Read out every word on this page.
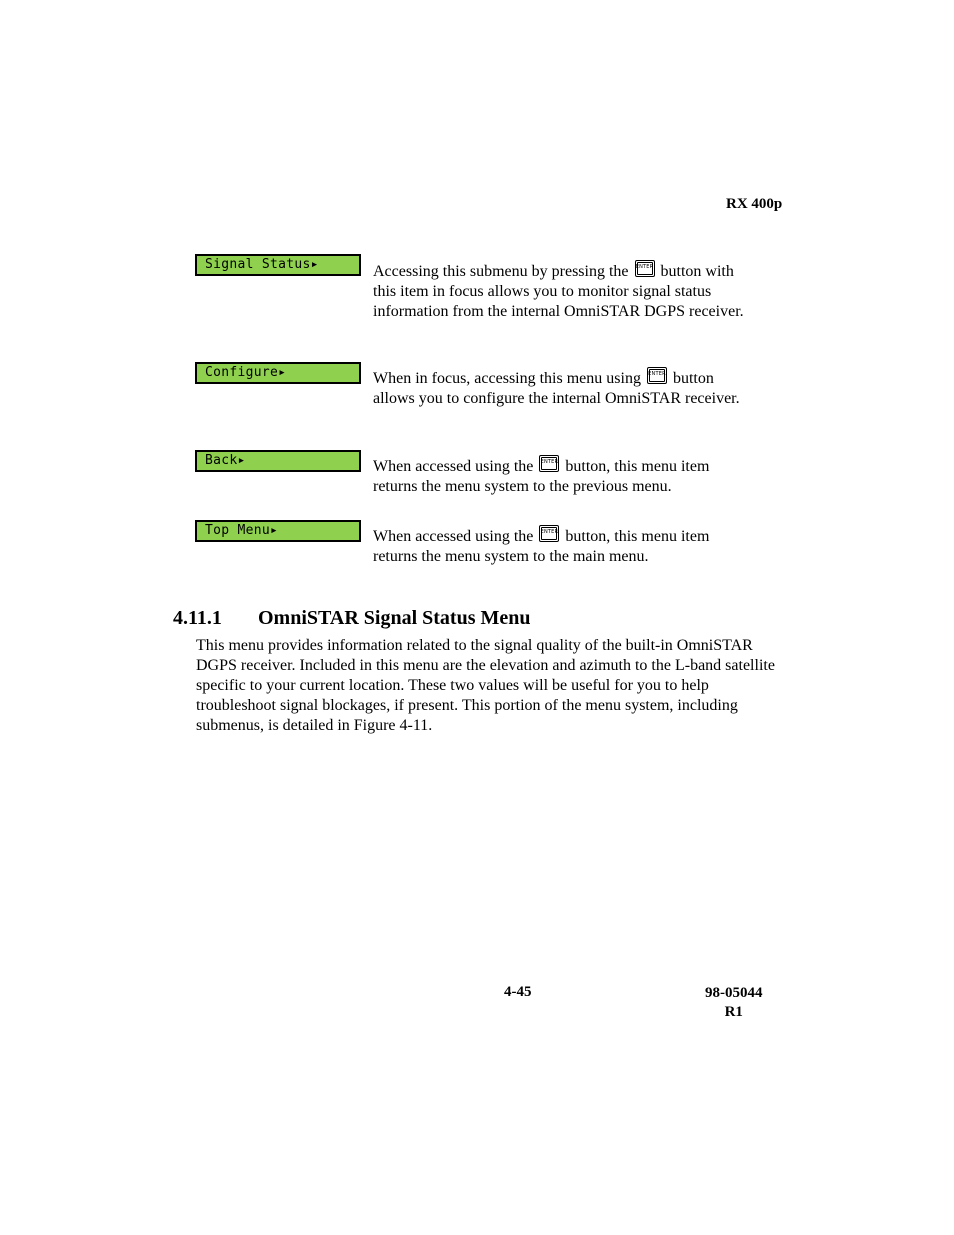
RX 400p
Signal Status▸	Accessing this submenu by pressing the ENTER button with this item in focus allows you to monitor signal status information from the internal OmniSTAR DGPS receiver.
Configure▸	When in focus, accessing this menu using ENTER button allows you to configure the internal OmniSTAR receiver.
Back▸	When accessed using the ENTER button, this menu item returns the menu system to the previous menu.
Top Menu▸	When accessed using the ENTER button, this menu item returns the menu system to the main menu.
4.11.1 OmniSTAR Signal Status Menu
This menu provides information related to the signal quality of the built-in OmniSTAR DGPS receiver. Included in this menu are the elevation and azimuth to the L-band satellite specific to your current location. These two values will be useful for you to help troubleshoot signal blockages, if present. This portion of the menu system, including submenus, is detailed in Figure 4-11.
4-45	98-05044
R1
